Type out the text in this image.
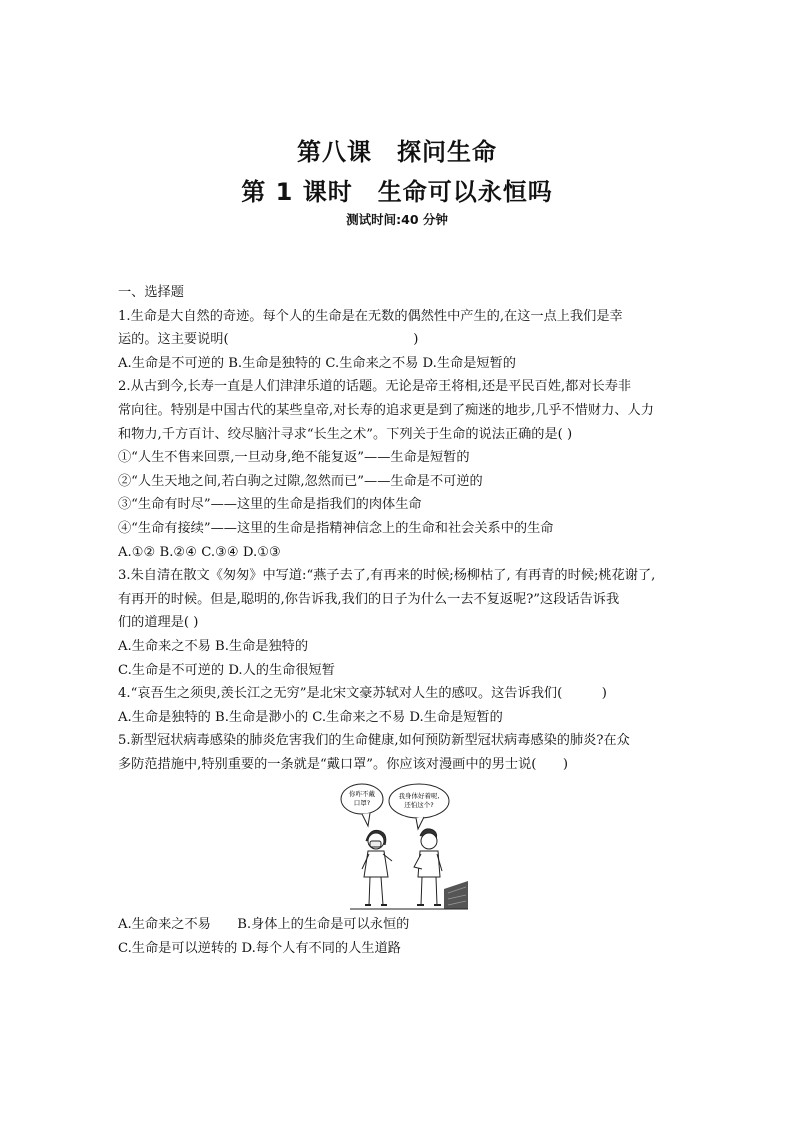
第八课　探问生命
第 1 课时　生命可以永恒吗
测试时间:40 分钟

一、选择题

1.生命是大自然的奇迹。每个人的生命是在无数的偶然性中产生的,在这一点上我们是幸

运的。这主要说明(　　　　　　　　　　　　　　)

A.生命是不可逆的 B.生命是独特的 C.生命来之不易 D.生命是短暂的

2.从古到今,长寿一直是人们津津乐道的话题。无论是帝王将相,还是平民百姓,都对长寿非

常向往。特别是中国古代的某些皇帝,对长寿的追求更是到了痴迷的地步,几乎不惜财力、人力

和物力,千方百计、绞尽脑汁寻求“长生之术”。下列关于生命的说法正确的是( )

①“人生不售来回票,一旦动身,绝不能复返”——生命是短暂的

②“人生天地之间,若白驹之过隙,忽然而已”——生命是不可逆的

③“生命有时尽”——这里的生命是指我们的肉体生命

④“生命有接续”——这里的生命是指精神信念上的生命和社会关系中的生命

A.①② B.②④ C.③④ D.①③

3.朱自清在散文《匆匆》中写道:“燕子去了,有再来的时候;杨柳枯了, 有再青的时候;桃花谢了,

有再开的时候。但是,聪明的,你告诉我,我们的日子为什么一去不复返呢?”这段话告诉我

们的道理是( )

A.生命来之不易 B.生命是独特的

C.生命是不可逆的 D.人的生命很短暂

4.“哀吾生之须臾,羡长江之无穷”是北宋文豪苏轼对人生的感叹。这告诉我们(　　　)

A.生命是独特的 B.生命是渺小的 C.生命来之不易 D.生命是短暂的

5.新型冠状病毒感染的肺炎危害我们的生命健康,如何预防新型冠状病毒感染的肺炎?在众

多防范措施中,特别重要的一条就是“戴口罩”。你应该对漫画中的男士说(　　)

你咋不戴
口罩?
我身体好着呢,
还怕这个?

A.生命来之不易　　B.身体上的生命是可以永恒的

C.生命是可以逆转的 D.每个人有不同的人生道路
